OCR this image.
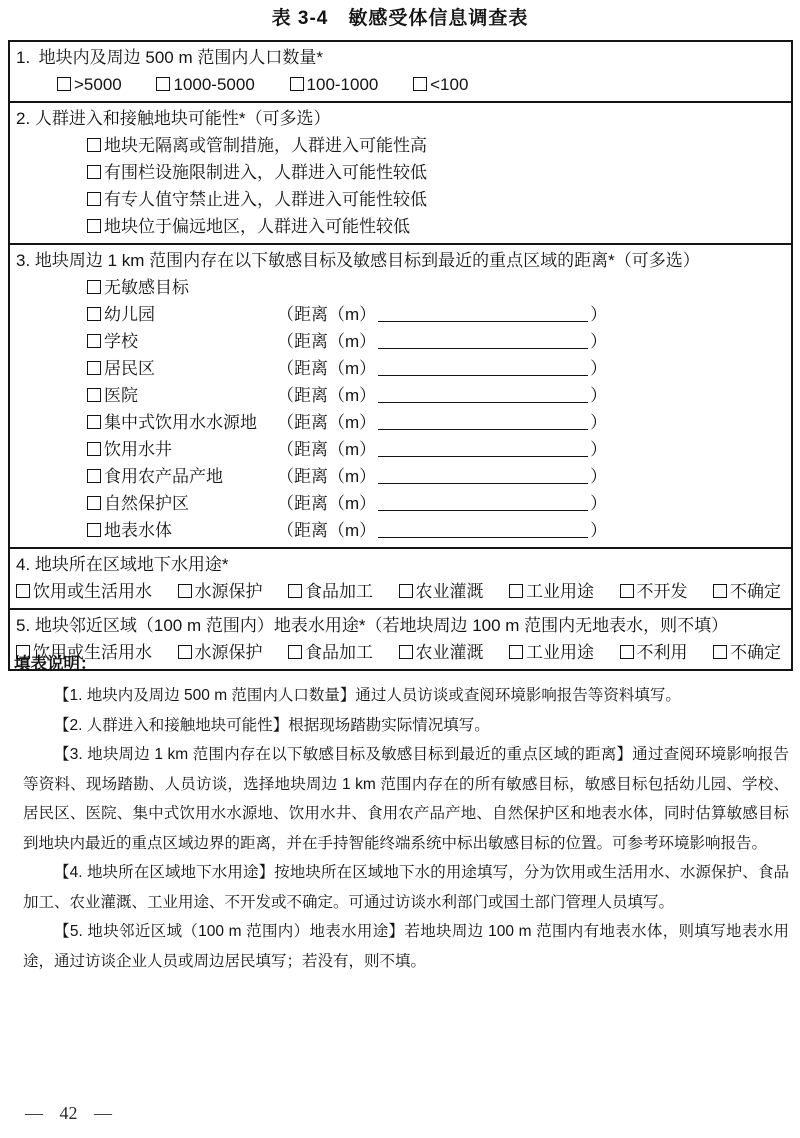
表 3-4　敏感受体信息调查表
1. 地块内及周边 500 m 范围内人口数量*
>5000	1000-5000	100-1000	<100
2. 人群进入和接触地块可能性*（可多选）
地块无隔离或管制措施，人群进入可能性高
有围栏设施限制进入，人群进入可能性较低
有专人值守禁止进入，人群进入可能性较低
地块位于偏远地区，人群进入可能性较低
3. 地块周边 1 km 范围内存在以下敏感目标及敏感目标到最近的重点区域的距离*（可多选）
无敏感目标
幼儿园	（距离（m）	）
学校	（距离（m）	）
居民区	（距离（m）	）
医院	（距离（m）	）
集中式饮用水水源地 （距离（m）	）
饮用水井	（距离（m）	）
食用农产品产地	（距离（m）	）
自然保护区	（距离（m）	）
地表水体	（距离（m）	）
4. 地块所在区域地下水用途*
饮用或生活用水	水源保护	食品加工	农业灌溉	工业用途	不开发	不确定
5. 地块邻近区域（100 m 范围内）地表水用途*（若地块周边 100 m 范围内无地表水，则不填）
饮用或生活用水	水源保护	食品加工	农业灌溉	工业用途	不利用	不确定
填表说明：

【1. 地块内及周边 500 m 范围内人口数量】通过人员访谈或查阅环境影响报告等资料填写。

【2. 人群进入和接触地块可能性】根据现场踏勘实际情况填写。

【3. 地块周边 1 km 范围内存在以下敏感目标及敏感目标到最近的重点区域的距离】通过查阅环境影响报告等资料、现场踏勘、人员访谈，选择地块周边 1 km 范围内存在的所有敏感目标，敏感目标包括幼儿园、学校、居民区、医院、集中式饮用水水源地、饮用水井、食用农产品产地、自然保护区和地表水体，同时估算敏感目标到地块内最近的重点区域边界的距离，并在手持智能终端系统中标出敏感目标的位置。可参考环境影响报告。

【4. 地块所在区域地下水用途】按地块所在区域地下水的用途填写，分为饮用或生活用水、水源保护、食品加工、农业灌溉、工业用途、不开发或不确定。可通过访谈水利部门或国土部门管理人员填写。

【5. 地块邻近区域（100 m 范围内）地表水用途】若地块周边 100 m 范围内有地表水体，则填写地表水用途，通过访谈企业人员或周边居民填写；若没有，则不填。

— 42 —
